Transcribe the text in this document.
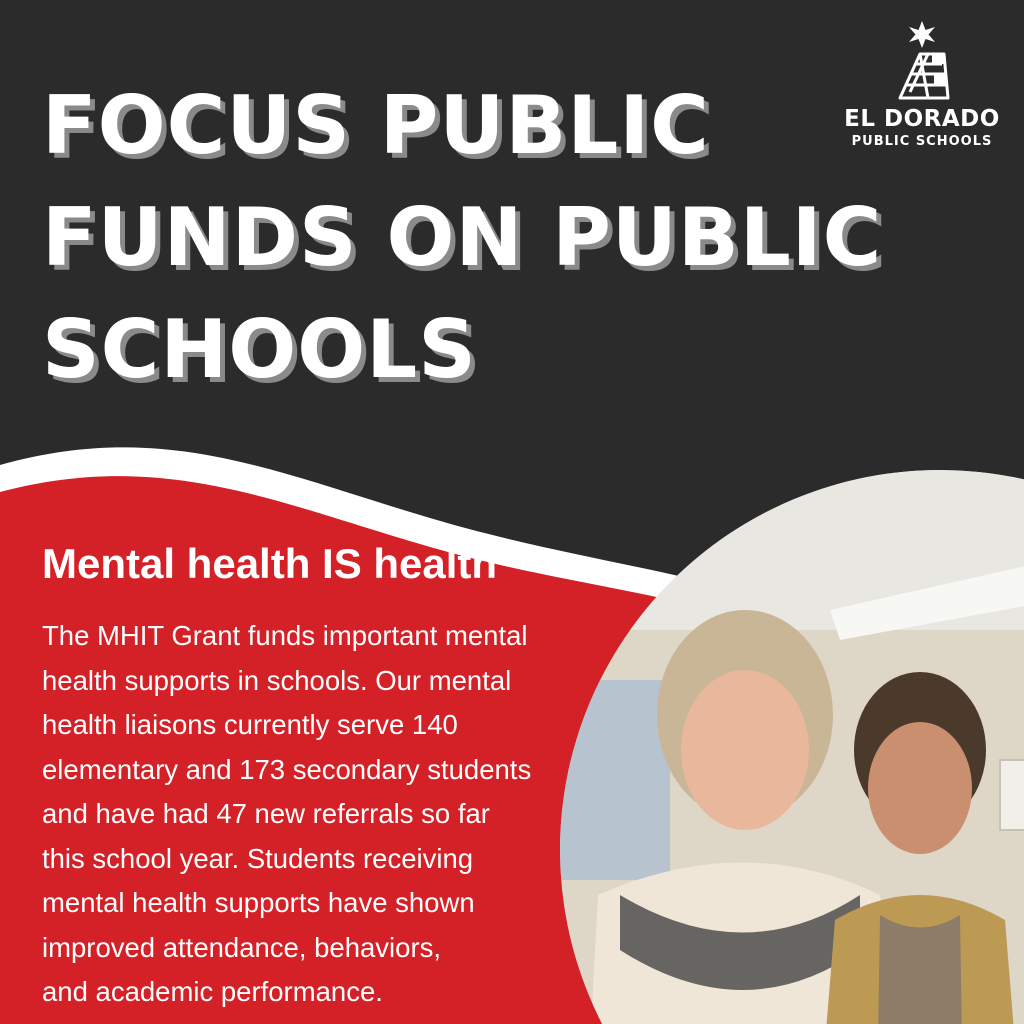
FOCUS PUBLIC
FUNDS ON PUBLIC
SCHOOLS
EL DORADO
PUBLIC SCHOOLS
Mental health IS health

The MHIT Grant funds important mental
health supports in schools. Our mental
health liaisons currently serve 140
elementary and 173 secondary students
and have had 47 new referrals so far
this school year. Students receiving
mental health supports have shown
improved attendance, behaviors,
and academic performance.
